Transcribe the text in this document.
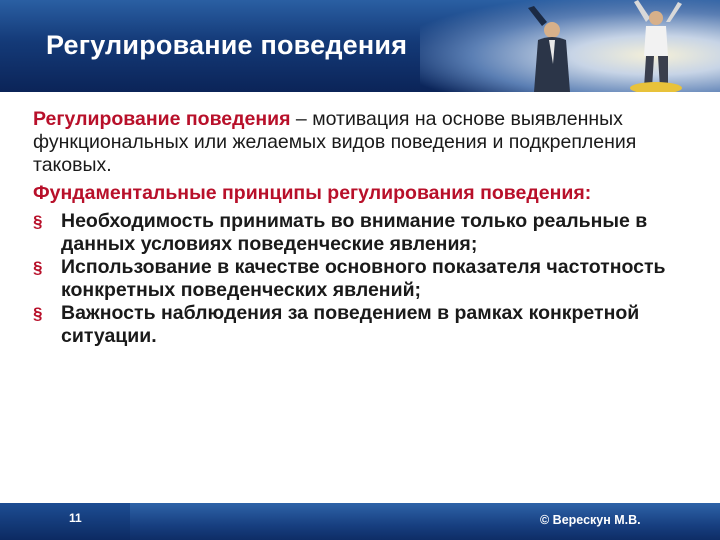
Регулирование поведения

Регулирование поведения – мотивация на основе выявленных функциональных или желаемых видов поведения и подкрепления таковых.

Фундаментальные принципы регулирования поведения:

§ Необходимость принимать во внимание только реальные в данных условиях поведенческие явления;
§ Использование в качестве основного показателя частотность конкретных поведенческих явлений;
§ Важность наблюдения за поведением в рамках конкретной ситуации.
11	© Верескун М.В.
